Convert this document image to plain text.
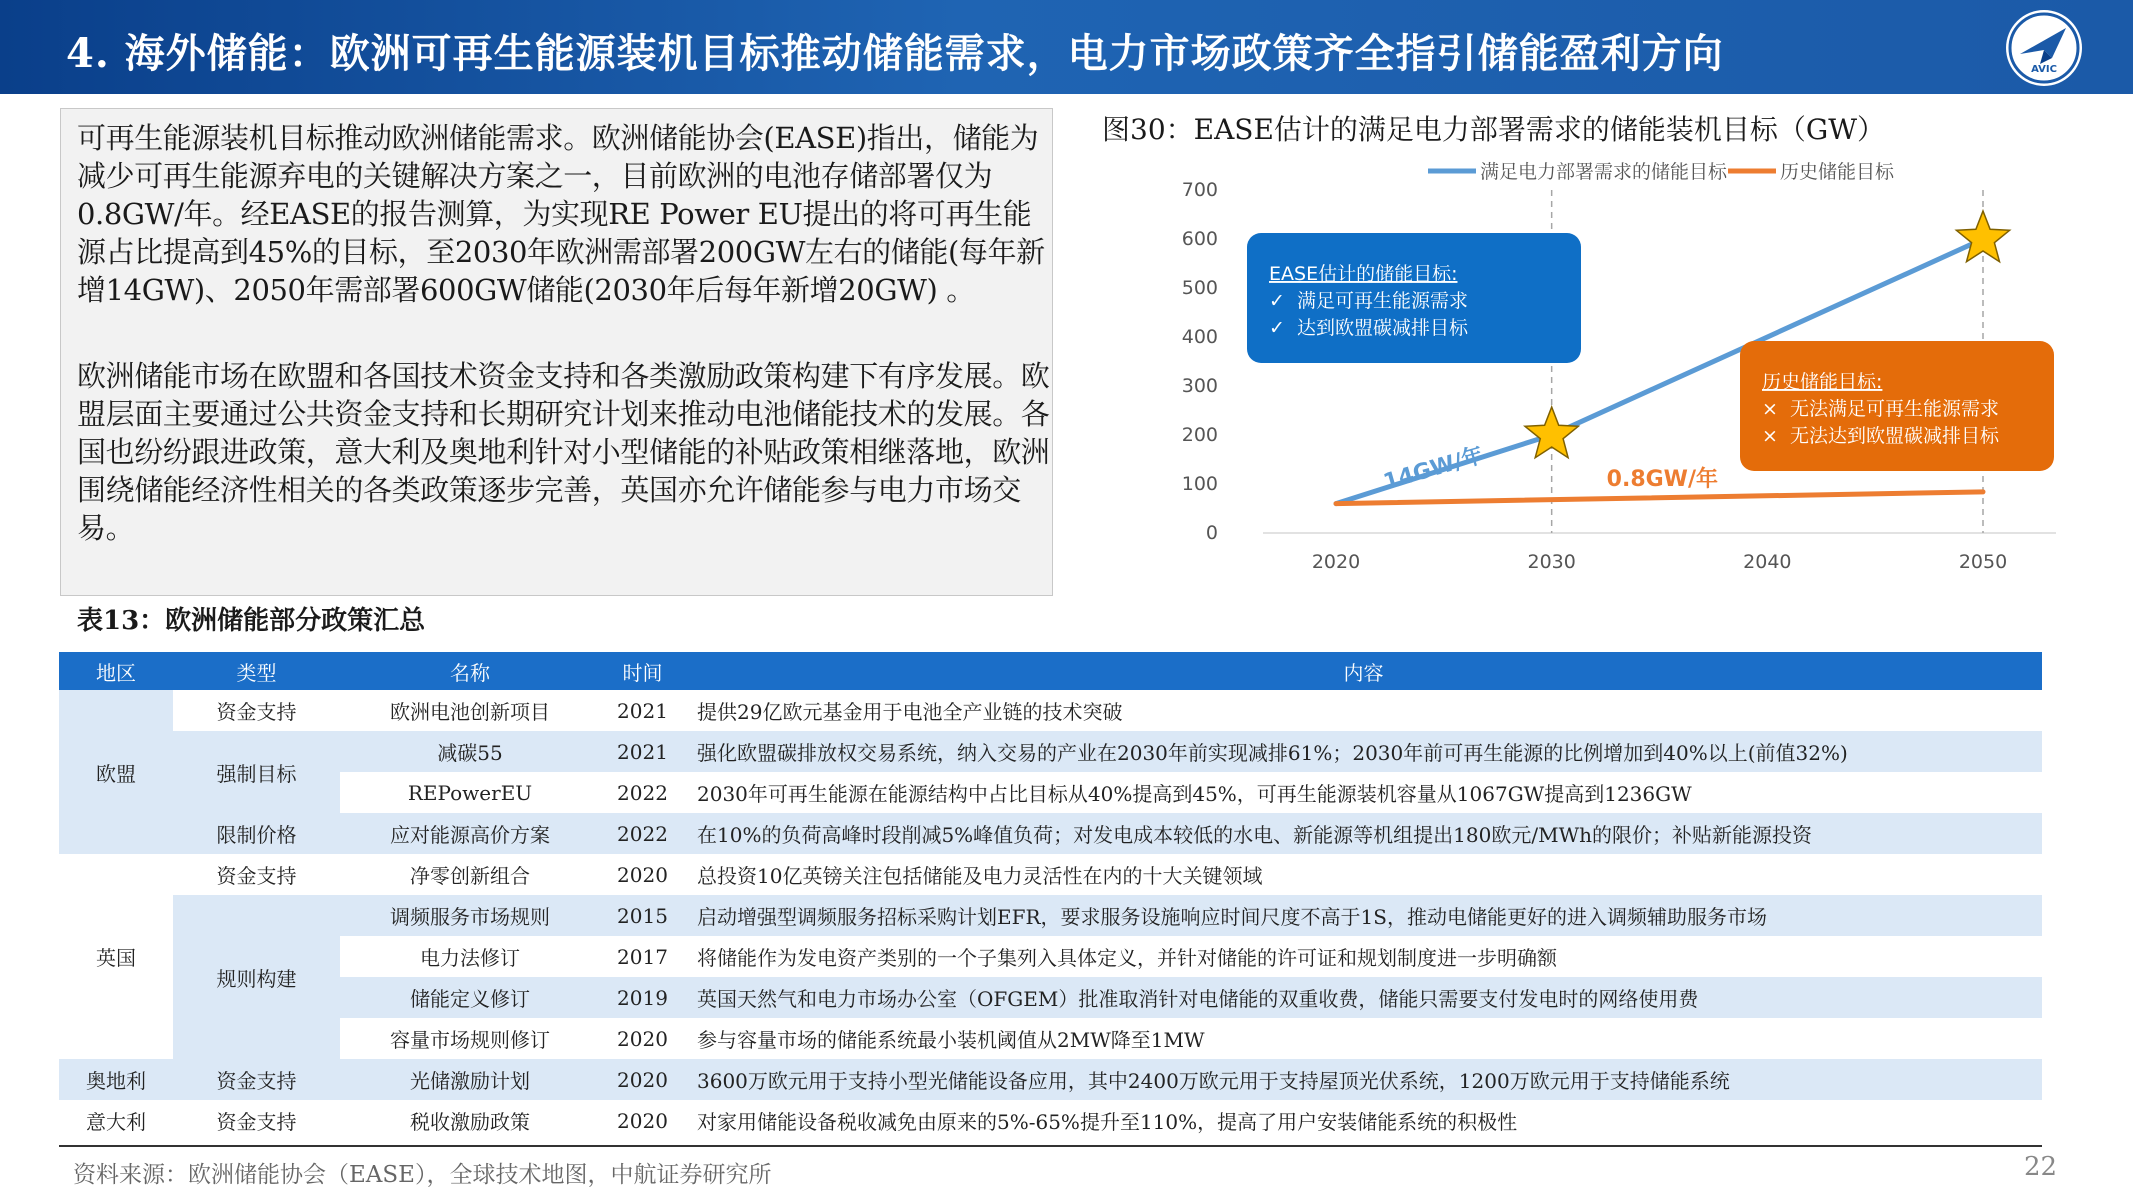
4. 海外储能：欧洲可再生能源装机目标推动储能需求，电力市场政策齐全指引储能盈利方向	AVIC

可再生能源装机目标推动欧洲储能需求。欧洲储能协会(EASE)指出，储能为减少可再生能源弃电的关键解决方案之一，目前欧洲的电池存储部署仅为0.8GW/年。经EASE的报告测算，为实现RE Power EU提出的将可再生能源占比提高到45%的目标，至2030年欧洲需部署200GW左右的储能(每年新增14GW)、2050年需部署600GW储能(2030年后每年新增20GW) 。

欧洲储能市场在欧盟和各国技术资金支持和各类激励政策构建下有序发展。欧盟层面主要通过公共资金支持和长期研究计划来推动电池储能技术的发展。各国也纷纷跟进政策，意大利及奥地利针对小型储能的补贴政策相继落地，欧洲围绕储能经济性相关的各类政策逐步完善，英国亦允许储能参与电力市场交易。

图30：EASE估计的满足电力部署需求的储能装机目标（GW）
0
100
200
300
400
500
600
700
2020	2030	2040	2050
满足电力部署需求的储能目标	历史储能目标
14GW/年	0.8GW/年
EASE估计的储能目标:
✓ 满足可再生能源需求
✓ 达到欧盟碳减排目标
历史储能目标:
× 无法满足可再生能源需求
× 无法达到欧盟碳减排目标
表13：欧洲储能部分政策汇总
地区	类型	名称	时间	内容
欧盟	资金支持	欧洲电池创新项目	2021	提供29亿欧元基金用于电池全产业链的技术突破
	强制目标	减碳55	2021	强化欧盟碳排放权交易系统，纳入交易的产业在2030年前实现减排61%；2030年前可再生能源的比例增加到40%以上(前值32%)
		REPowerEU	2022	2030年可再生能源在能源结构中占比目标从40%提高到45%，可再生能源装机容量从1067GW提高到1236GW
	限制价格	应对能源高价方案	2022	在10%的负荷高峰时段削减5%峰值负荷；对发电成本较低的水电、新能源等机组提出180欧元/MWh的限价；补贴新能源投资
英国	资金支持	净零创新组合	2020	总投资10亿英镑关注包括储能及电力灵活性在内的十大关键领域
	规则构建	调频服务市场规则	2015	启动增强型调频服务招标采购计划EFR，要求服务设施响应时间尺度不高于1S，推动电储能更好的进入调频辅助服务市场
		电力法修订	2017	将储能作为发电资产类别的一个子集列入具体定义，并针对储能的许可证和规划制度进一步明确额
		储能定义修订	2019	英国天然气和电力市场办公室（OFGEM）批准取消针对电储能的双重收费，储能只需要支付发电时的网络使用费
		容量市场规则修订	2020	参与容量市场的储能系统最小装机阈值从2MW降至1MW
奥地利	资金支持	光储激励计划	2020	3600万欧元用于支持小型光储能设备应用，其中2400万欧元用于支持屋顶光伏系统，1200万欧元用于支持储能系统
意大利	资金支持	税收激励政策	2020	对家用储能设备税收减免由原来的5%-65%提升至110%，提高了用户安装储能系统的积极性
资料来源：欧洲储能协会（EASE），全球技术地图，中航证券研究所	22
